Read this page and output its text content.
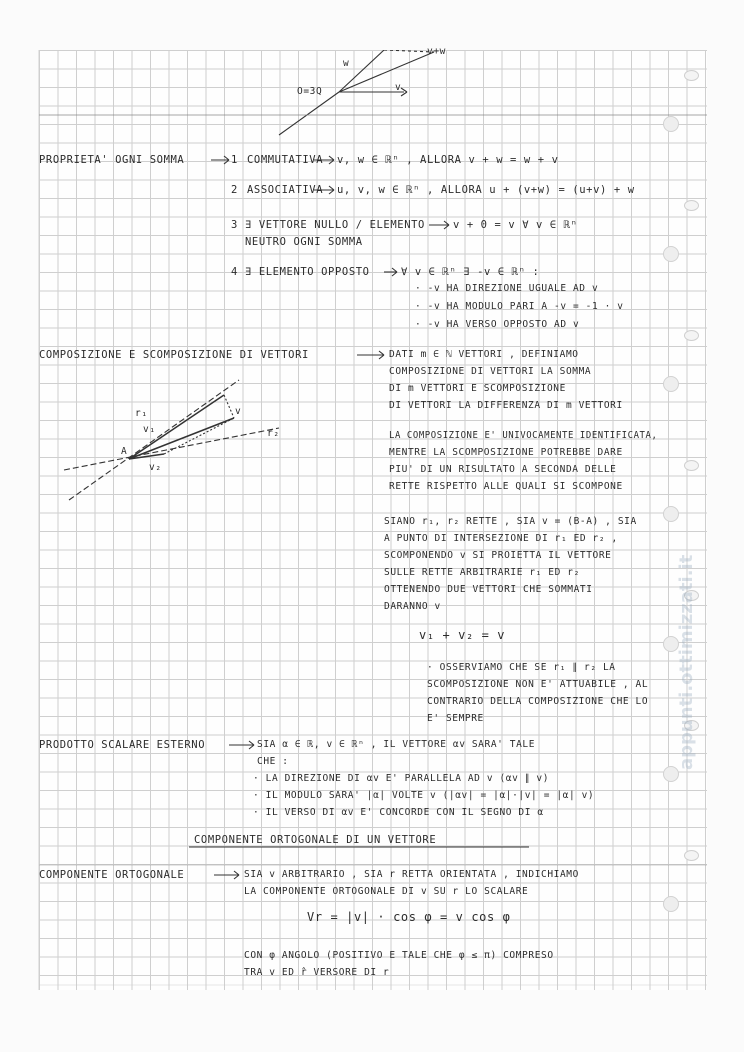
v+w
w
v
O=3Q
PROPRIETA' OGNI SOMMA	1 COMMUTATIVA v, w ∈ ℝⁿ , ALLORA v + w = w + v
2 ASSOCIATIVA u, v, w ∈ ℝⁿ , ALLORA u + (v+w) = (u+v) + w
3 ∃ VETTORE NULLO / ELEMENTO
NEUTRO OGNI SOMMA
v + 0 = v ∀ v ∈ ℝⁿ
4 ∃ ELEMENTO OPPOSTO	∀ v ∈ ℝⁿ ∃ -v ∈ ℝⁿ :
· -v HA DIREZIONE UGUALE AD v
· -v HA MODULO PARI A -v = -1 · v
· -v HA VERSO OPPOSTO AD v
COMPOSIZIONE E SCOMPOSIZIONE DI VETTORI	DATI m ∈ ℕ VETTORI , DEFINIAMO
COMPOSIZIONE DI VETTORI LA SOMMA
DI m VETTORI E SCOMPOSIZIONE
DI VETTORI LA DIFFERENZA DI m VETTORI
LA COMPOSIZIONE E' UNIVOCAMENTE IDENTIFICATA,
MENTRE LA SCOMPOSIZIONE POTREBBE DARE
PIU' DI UN RISULTATO A SECONDA DELLE
RETTE RISPETTO ALLE QUALI SI SCOMPONE
SIANO r₁, r₂ RETTE , SIA v = (B-A) , SIA
A PUNTO DI INTERSEZIONE DI r₁ ED r₂ ,
SCOMPONENDO v SI PROIETTA IL VETTORE
SULLE RETTE ARBITRARIE r₁ ED r₂
OTTENENDO DUE VETTORI CHE SOMMATI
DARANNO v
v₁ + v₂ = v
· OSSERVIAMO CHE SE r₁ ∥ r₂ LA
SCOMPOSIZIONE NON E' ATTUABILE , AL
CONTRARIO DELLA COMPOSIZIONE CHE LO
E' SEMPRE
r₂
r₁	v
v₁
v₂
A
PRODOTTO SCALARE ESTERNO	SIA α ∈ ℝ, v ∈ ℝⁿ , IL VETTORE αv SARA' TALE
CHE :
· LA DIREZIONE DI αv E' PARALLELA AD v (αv ∥ v)
· IL MODULO SARA' |α| VOLTE v (|αv| = |α|·|v| = |α| v)
· IL VERSO DI αv E' CONCORDE CON IL SEGNO DI α
COMPONENTE ORTOGONALE DI UN VETTORE
COMPONENTE ORTOGONALE	SIA v ARBITRARIO , SIA r RETTA ORIENTATA , INDICHIAMO
LA COMPONENTE ORTOGONALE DI v SU r LO SCALARE
Vr = |v| · cos φ = v cos φ
CON φ ANGOLO (POSITIVO E TALE CHE φ ≤ π) COMPRESO
TRA v ED r̂ VERSORE DI r
appunti.ottimizzati.it
